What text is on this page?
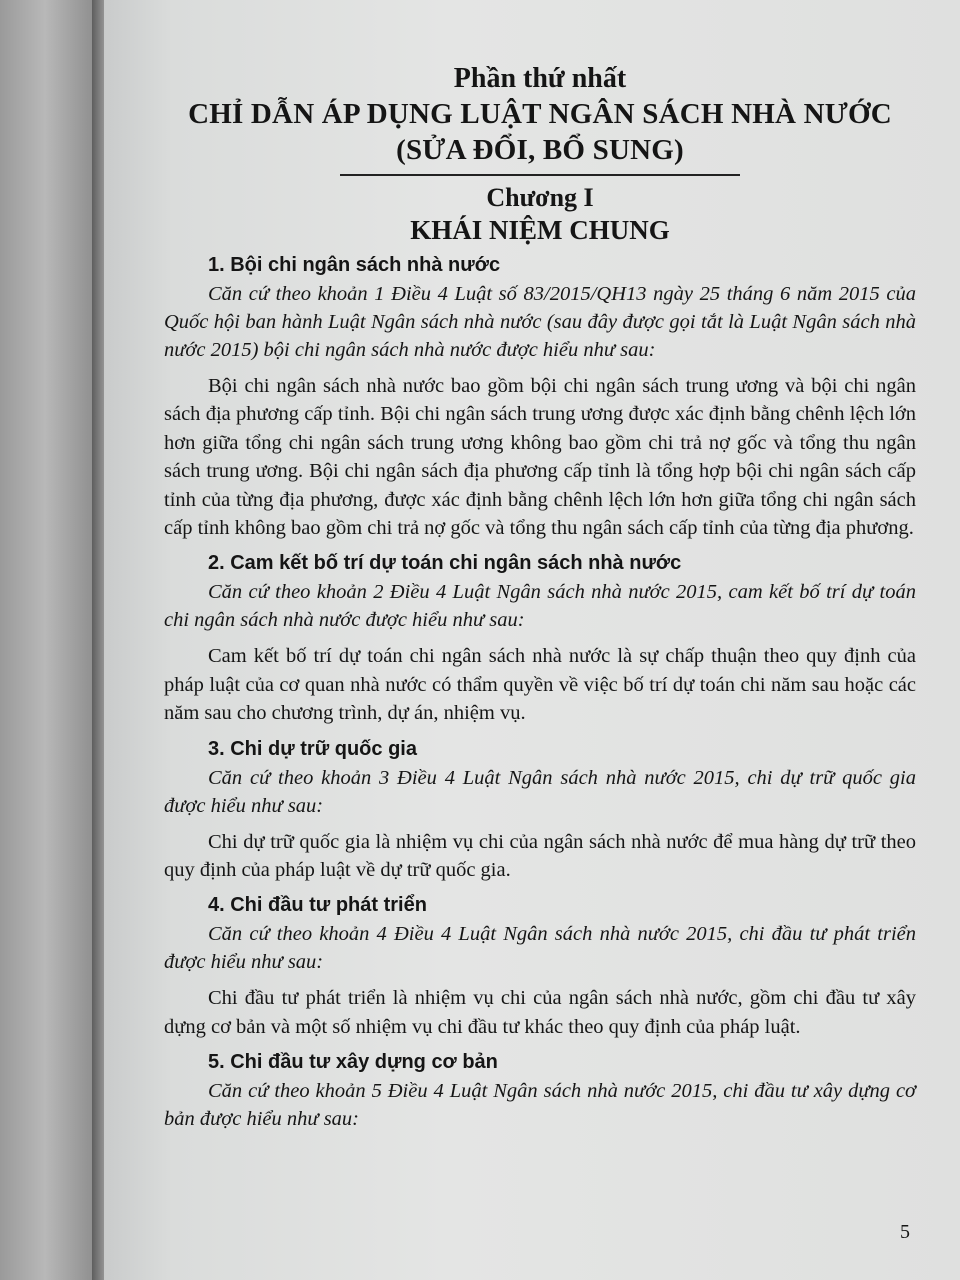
Phần thứ nhất
CHỈ DẪN ÁP DỤNG LUẬT NGÂN SÁCH NHÀ NƯỚC
(SỬA ĐỔI, BỔ SUNG)
Chương I
KHÁI NIỆM CHUNG
1. Bội chi ngân sách nhà nước

Căn cứ theo khoản 1 Điều 4 Luật số 83/2015/QH13 ngày 25 tháng 6 năm 2015 của Quốc hội ban hành Luật Ngân sách nhà nước (sau đây được gọi tắt là Luật Ngân sách nhà nước 2015) bội chi ngân sách nhà nước được hiểu như sau:

Bội chi ngân sách nhà nước bao gồm bội chi ngân sách trung ương và bội chi ngân sách địa phương cấp tỉnh. Bội chi ngân sách trung ương được xác định bằng chênh lệch lớn hơn giữa tổng chi ngân sách trung ương không bao gồm chi trả nợ gốc và tổng thu ngân sách trung ương. Bội chi ngân sách địa phương cấp tỉnh là tổng hợp bội chi ngân sách cấp tỉnh của từng địa phương, được xác định bằng chênh lệch lớn hơn giữa tổng chi ngân sách cấp tỉnh không bao gồm chi trả nợ gốc và tổng thu ngân sách cấp tỉnh của từng địa phương.

2. Cam kết bố trí dự toán chi ngân sách nhà nước

Căn cứ theo khoản 2 Điều 4 Luật Ngân sách nhà nước 2015, cam kết bố trí dự toán chi ngân sách nhà nước được hiểu như sau:

Cam kết bố trí dự toán chi ngân sách nhà nước là sự chấp thuận theo quy định của pháp luật của cơ quan nhà nước có thẩm quyền về việc bố trí dự toán chi năm sau hoặc các năm sau cho chương trình, dự án, nhiệm vụ.

3. Chi dự trữ quốc gia

Căn cứ theo khoản 3 Điều 4 Luật Ngân sách nhà nước 2015, chi dự trữ quốc gia được hiểu như sau:

Chi dự trữ quốc gia là nhiệm vụ chi của ngân sách nhà nước để mua hàng dự trữ theo quy định của pháp luật về dự trữ quốc gia.

4. Chi đầu tư phát triển

Căn cứ theo khoản 4 Điều 4 Luật Ngân sách nhà nước 2015, chi đầu tư phát triển được hiểu như sau:

Chi đầu tư phát triển là nhiệm vụ chi của ngân sách nhà nước, gồm chi đầu tư xây dựng cơ bản và một số nhiệm vụ chi đầu tư khác theo quy định của pháp luật.

5. Chi đầu tư xây dựng cơ bản

Căn cứ theo khoản 5 Điều 4 Luật Ngân sách nhà nước 2015, chi đầu tư xây dựng cơ bản được hiểu như sau:

5
